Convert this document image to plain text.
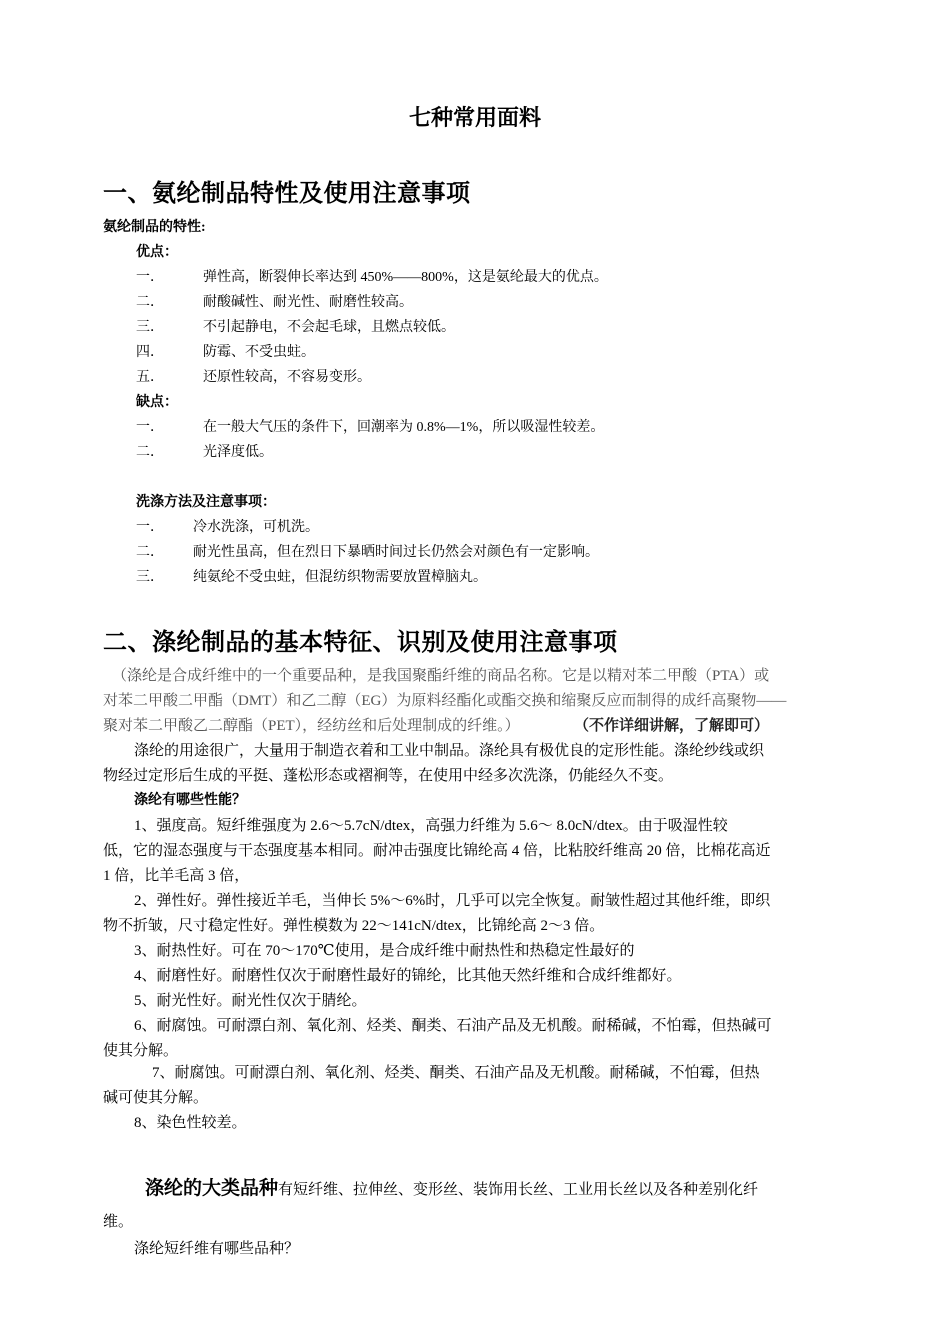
七种常用面料
一、氨纶制品特性及使用注意事项
氨纶制品的特性:
优点：
一．	弹性高，断裂伸长率达到 450%——800%，这是氨纶最大的优点。
二．	耐酸碱性、耐光性、耐磨性较高。
三．	不引起静电，不会起毛球，且燃点较低。
四．	防霉、不受虫蛀。
五．	还原性较高，不容易变形。
缺点：
一．	在一般大气压的条件下，回潮率为 0.8%—1%，所以吸湿性较差。
二．	光泽度低。
洗涤方法及注意事项：
一． 冷水洗涤，可机洗。
二． 耐光性虽高，但在烈日下暴晒时间过长仍然会对颜色有一定影响。
三． 纯氨纶不受虫蛀，但混纺织物需要放置樟脑丸。
二、涤纶制品的基本特征、识别及使用注意事项
（涤纶是合成纤维中的一个重要品种，是我国聚酯纤维的商品名称。它是以精对苯二甲酸（PTA）或
对苯二甲酸二甲酯（DMT）和乙二醇（EG）为原料经酯化或酯交换和缩聚反应而制得的成纤高聚物——
聚对苯二甲酸乙二醇酯（PET），经纺丝和后处理制成的纤维。）	（不作详细讲解，了解即可）
涤纶的用途很广，大量用于制造衣着和工业中制品。涤纶具有极优良的定形性能。涤纶纱线或织
物经过定形后生成的平挺、蓬松形态或褶裥等，在使用中经多次洗涤，仍能经久不变。
涤纶有哪些性能？
1、强度高。短纤维强度为 2.6～5.7cN/dtex，高强力纤维为 5.6～ 8.0cN/dtex。由于吸湿性较
低，它的湿态强度与干态强度基本相同。耐冲击强度比锦纶高 4 倍，比粘胶纤维高 20 倍，比棉花高近
1 倍，比羊毛高 3 倍，
2、弹性好。弹性接近羊毛，当伸长 5%～6%时，几乎可以完全恢复。耐皱性超过其他纤维，即织
物不折皱，尺寸稳定性好。弹性模数为 22～141cN/dtex，比锦纶高 2～3 倍。
3、耐热性好。可在 70～170℃使用，是合成纤维中耐热性和热稳定性最好的
4、耐磨性好。耐磨性仅次于耐磨性最好的锦纶，比其他天然纤维和合成纤维都好。
5、耐光性好。耐光性仅次于腈纶。
6、耐腐蚀。可耐漂白剂、氧化剂、烃类、酮类、石油产品及无机酸。耐稀碱，不怕霉，但热碱可
使其分解。
7、耐腐蚀。可耐漂白剂、氧化剂、烃类、酮类、石油产品及无机酸。耐稀碱，不怕霉，但热
碱可使其分解。
8、染色性较差。
涤纶的大类品种有短纤维、拉伸丝、变形丝、装饰用长丝、工业用长丝以及各种差别化纤
维。
涤纶短纤维有哪些品种？
